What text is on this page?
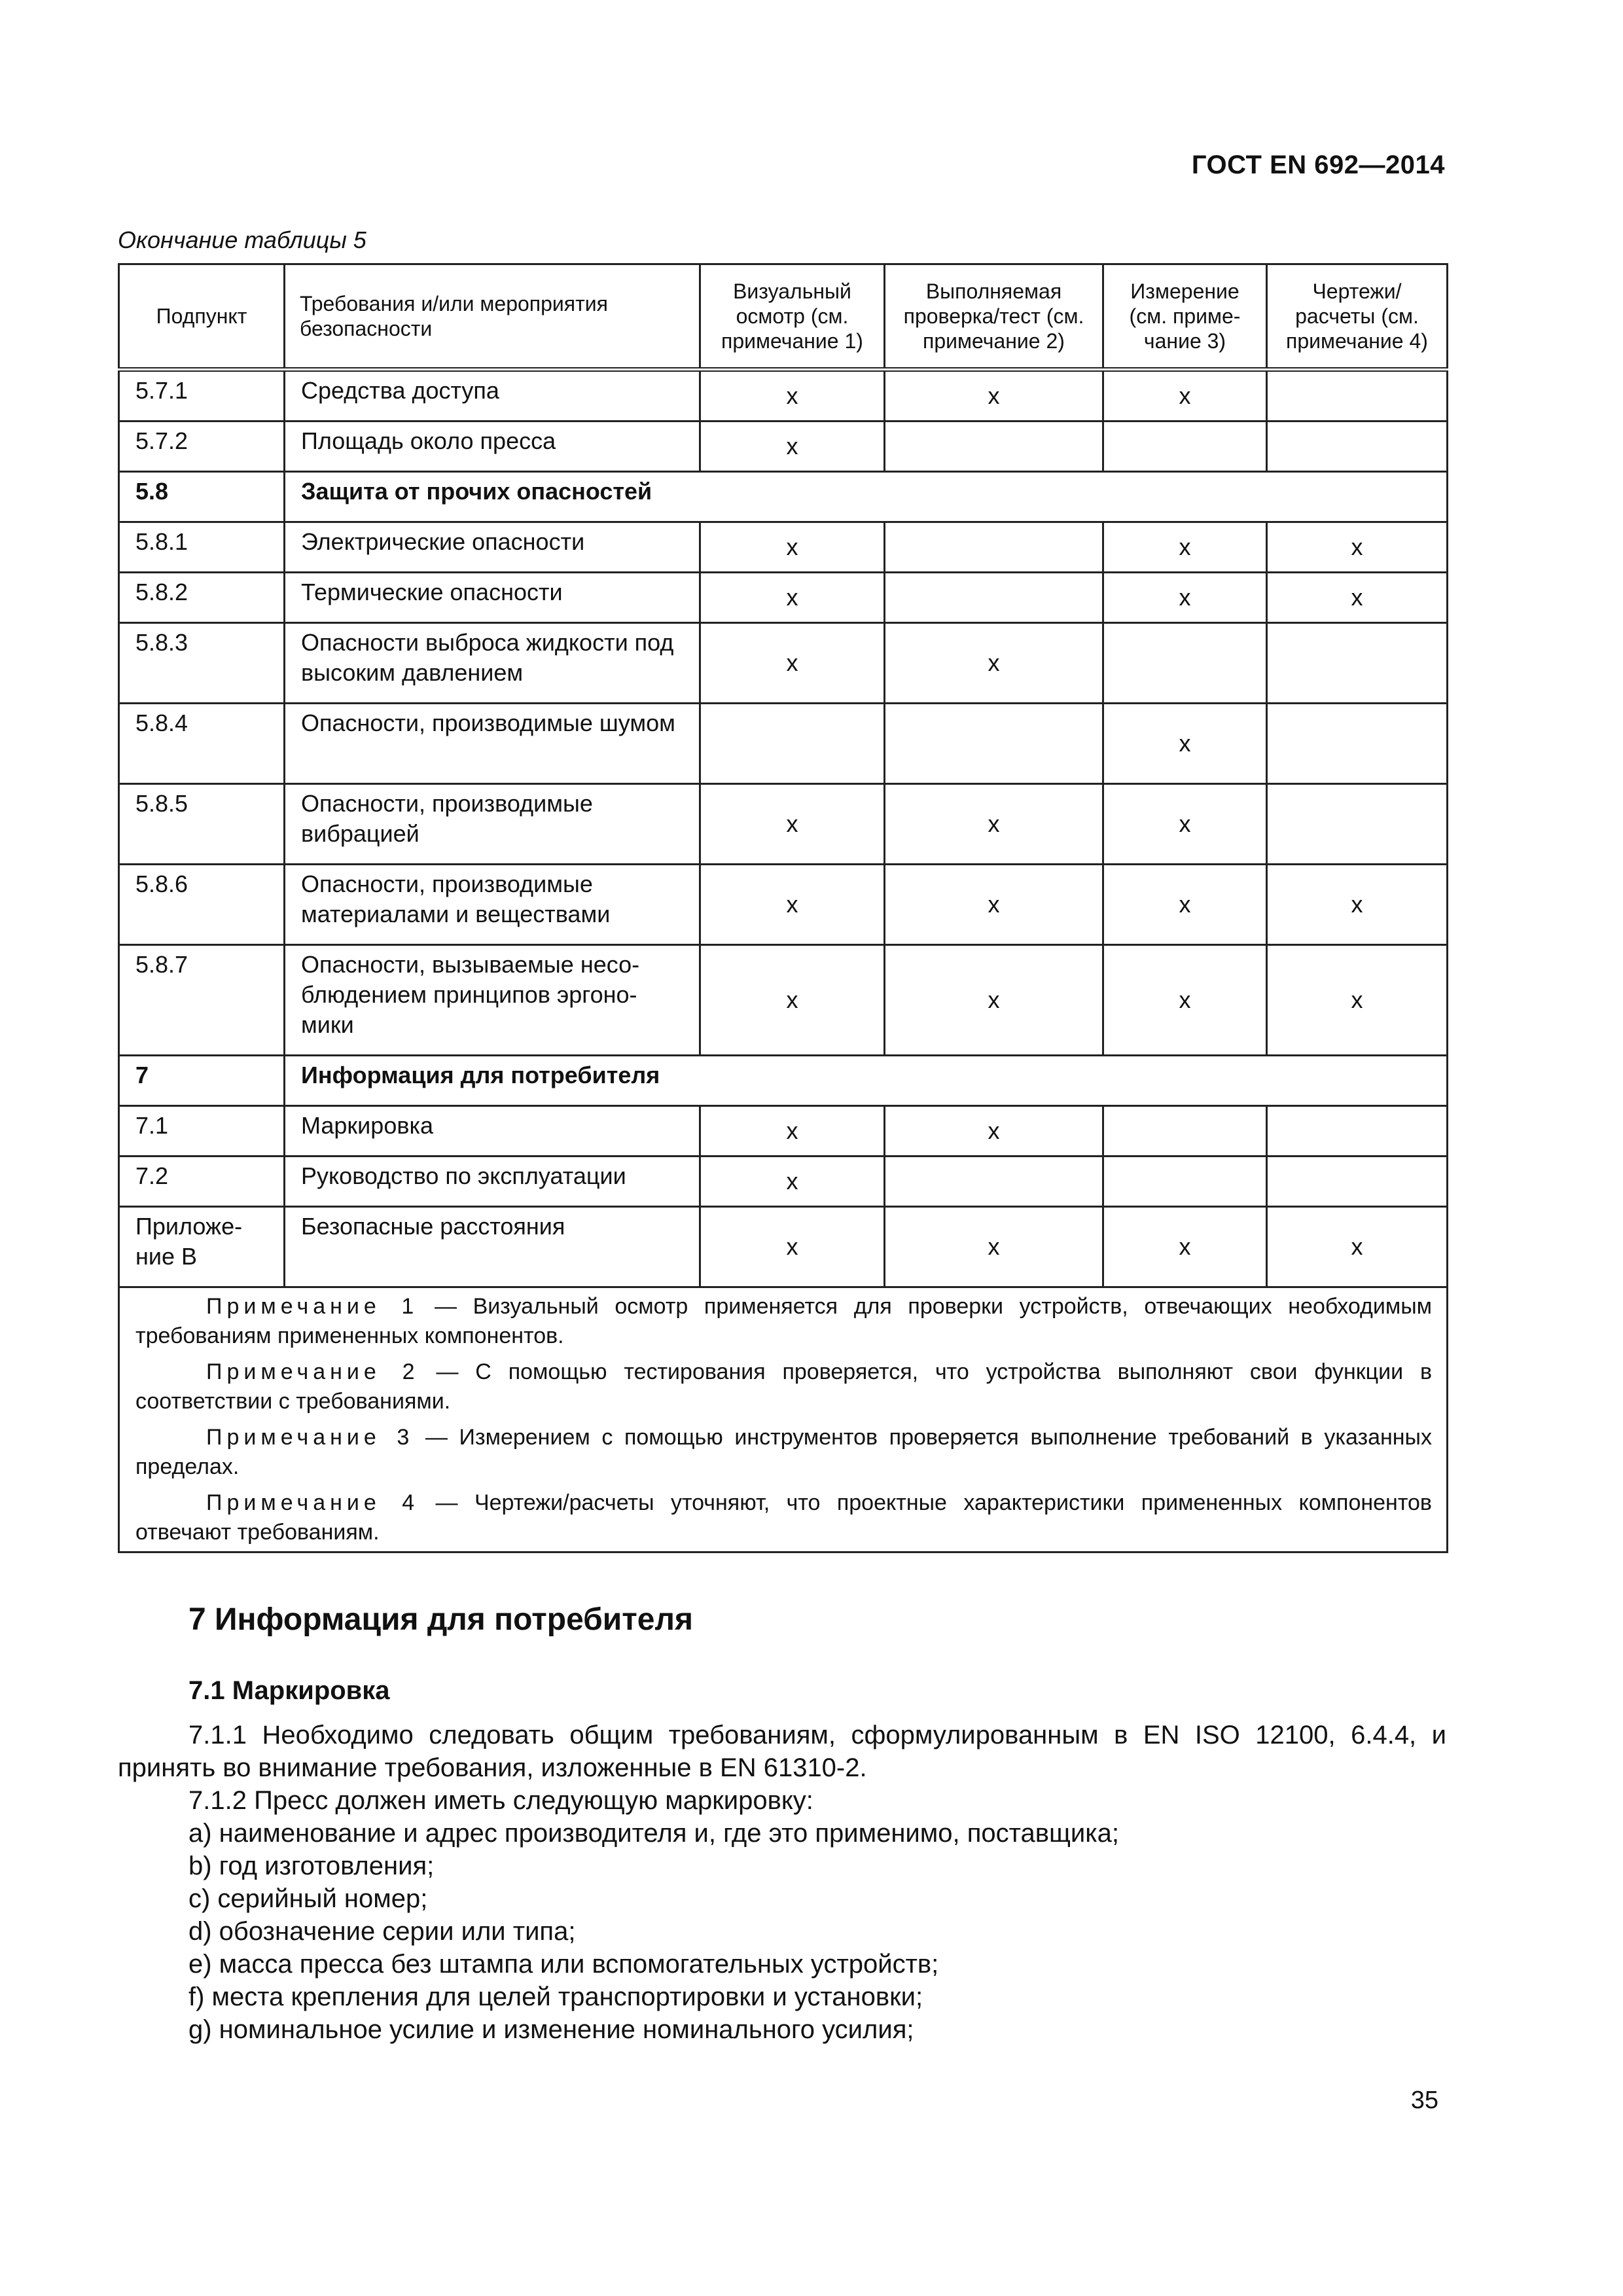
ГОСТ EN 692—2014
Окончание таблицы 5
Подпункт	Требования и/или мероприятия безопасности	Визуальный осмотр (см. примечание 1)	Выполняемая проверка/тест (см. примечание 2)	Измерение (см. приме-чание 3)	Чертежи/ расчеты (см. примечание 4)
5.7.1	Средства доступа	x	x	x	
5.7.2	Площадь около пресса	x			
5.8	Защита от прочих опасностей				
5.8.1	Электрические опасности	x		x	x
5.8.2	Термические опасности	x		x	x
5.8.3	Опасности выброса жидкости под высоким давлением	x	x		
5.8.4	Опасности, производимые шумом			x	
5.8.5	Опасности, производимые вибрацией	x	x	x	
5.8.6	Опасности, производимые материалами и веществами	x	x	x	x
5.8.7	Опасности, вызываемые несо-блюдением принципов эргоно-мики	x	x	x	x
7	Информация для потребителя				
7.1	Маркировка	x	x		
7.2	Руководство по эксплуатации	x			
Приложе-ние В	Безопасные расстояния	x	x	x	x

Примечание 1 — Визуальный осмотр применяется для проверки устройств, отвечающих необходимым требованиям примененных компонентов.
Примечание 2 — С помощью тестирования проверяется, что устройства выполняют свои функции в соответствии с требованиями.
Примечание 3 — Измерением с помощью инструментов проверяется выполнение требований в указанных пределах.
Примечание 4 — Чертежи/расчеты уточняют, что проектные характеристики примененных компонентов отвечают требованиям.					
7 Информация для потребителя
7.1 Маркировка

7.1.1 Необходимо следовать общим требованиям, сформулированным в EN ISO 12100, 6.4.4, и принять во внимание требования, изложенные в EN 61310-2.

7.1.2 Пресс должен иметь следующую маркировку:

a) наименование и адрес производителя и, где это применимо, поставщика;
b) год изготовления;
c) серийный номер;
d) обозначение серии или типа;
e) масса пресса без штампа или вспомогательных устройств;
f) места крепления для целей транспортировки и установки;
g) номинальное усилие и изменение номинального усилия;
35
